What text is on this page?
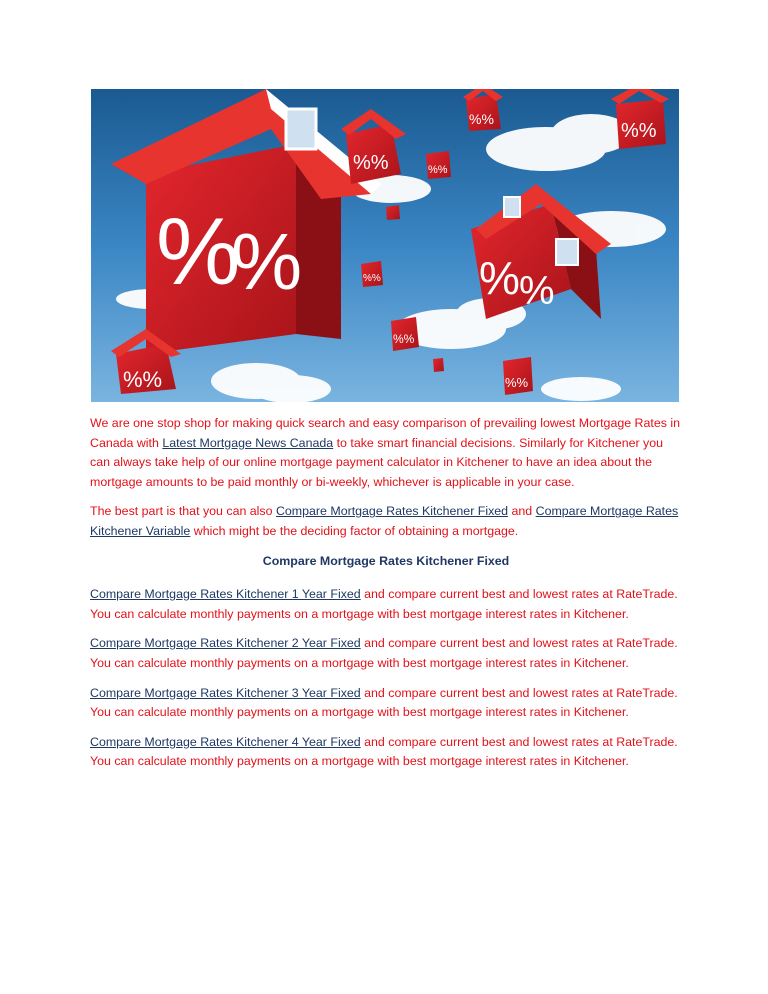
%
%	% %
%%
%%
%%
%%
%%
%%
%%
%%

We are one stop shop for making quick search and easy comparison of prevailing lowest Mortgage Rates in Canada with Latest Mortgage News Canada to take smart financial decisions. Similarly for Kitchener you can always take help of our online mortgage payment calculator in Kitchener to have an idea about the mortgage amounts to be paid monthly or bi-weekly, whichever is applicable in your case.

The best part is that you can also Compare Mortgage Rates Kitchener Fixed and Compare Mortgage Rates Kitchener Variable which might be the deciding factor of obtaining a mortgage.

Compare Mortgage Rates Kitchener Fixed

Compare Mortgage Rates Kitchener 1 Year Fixed and compare current best and lowest rates at RateTrade. You can calculate monthly payments on a mortgage with best mortgage interest rates in Kitchener.

Compare Mortgage Rates Kitchener 2 Year Fixed and compare current best and lowest rates at RateTrade. You can calculate monthly payments on a mortgage with best mortgage interest rates in Kitchener.

Compare Mortgage Rates Kitchener 3 Year Fixed and compare current best and lowest rates at RateTrade. You can calculate monthly payments on a mortgage with best mortgage interest rates in Kitchener.

Compare Mortgage Rates Kitchener 4 Year Fixed and compare current best and lowest rates at RateTrade. You can calculate monthly payments on a mortgage with best mortgage interest rates in Kitchener.
